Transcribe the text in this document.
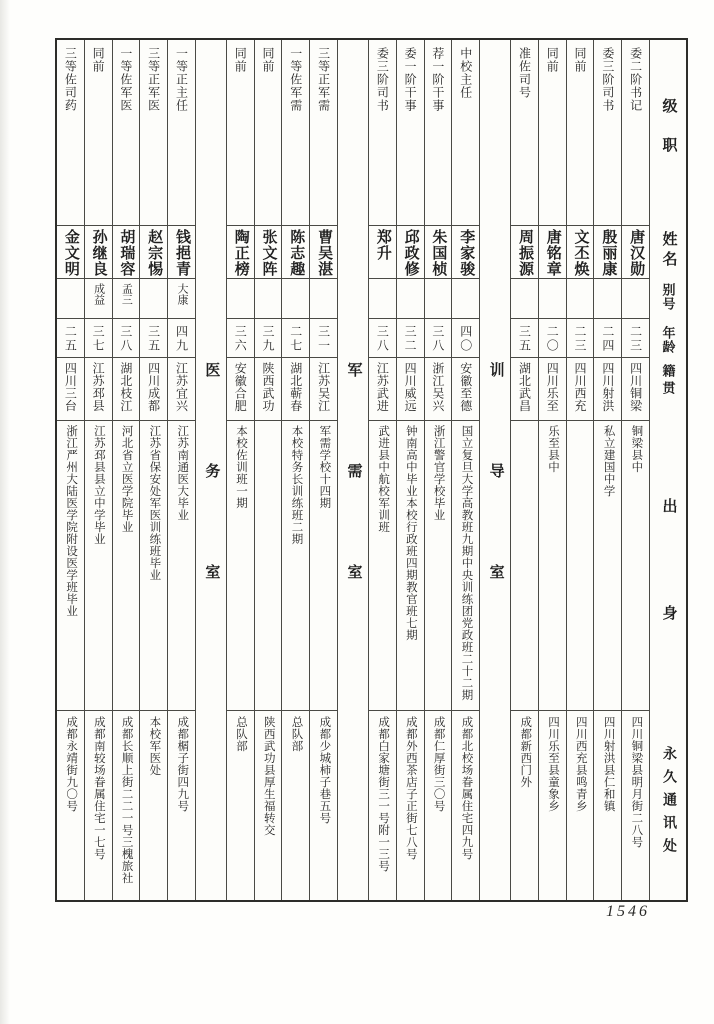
级职
姓名
别号
年龄
籍贯
出身
永久通讯处
委二阶书记
唐汉勋
二三
四川铜梁
铜梁县中
四川铜梁县明月街二八号
委三阶司书
殷丽康
二四
四川射洪
私立建国中学
四川射洪县仁和镇
同前
文丕焕
二三
四川西充
四川西充县鸣青乡
同前
唐铭章
二〇
四川乐至
乐至县中
四川乐至县童象乡
准佐司号
周振源
三五
湖北武昌
成都新西门外
训导室
中校主任
李家骏
四〇
安徽至德
国立复旦大学高教班九期中央训练团党政班二十二期
成都北校场眷属住宅四九号
荐一阶干事
朱国桢
三八
浙江吴兴
浙江警官学校毕业
成都仁厚街三〇号
委一阶干事
邱政修
三二
四川威远
钟南高中毕业本校行政班四期教官班七期
成都外西茶店子正街七八号
委三阶司书
郑升
三八
江苏武进
武进县中航校军训班
成都白家塘街三一号附一三号
军需室
三等正军需
曹吴湛
三一
江苏吴江
军需学校十四期
成都少城柿子巷五号
一等佐军需
陈志趣
二七
湖北蕲春
本校特务长训练班二期
总队部
同前
张文阵
三九
陕西武功
陕西武功县厚生福转交
同前
陶正榜
三六
安徽合肥
本校佐训班一期
总队部
医务室
一等正主任
钱挹青
大康
四九
江苏宜兴
江苏南通医大毕业
成都榍子街四九号
三等正军医
赵宗惕
三五
四川成都
江苏省保安处军医训练班毕业
本校军医处
一等佐军医
胡瑞容
孟三
三八
湖北枝江
河北省立医学院毕业
成都长顺上街二二一号三槐旅社
同前
孙继良
成益
三七
江苏邳县
江苏邳县县立中学毕业
成都南较场眷属住宅一七号
三等佐司药
金文明
二五
四川三台
浙江严州大陆医学院附设医学班毕业
成都永靖街九〇号
1546
